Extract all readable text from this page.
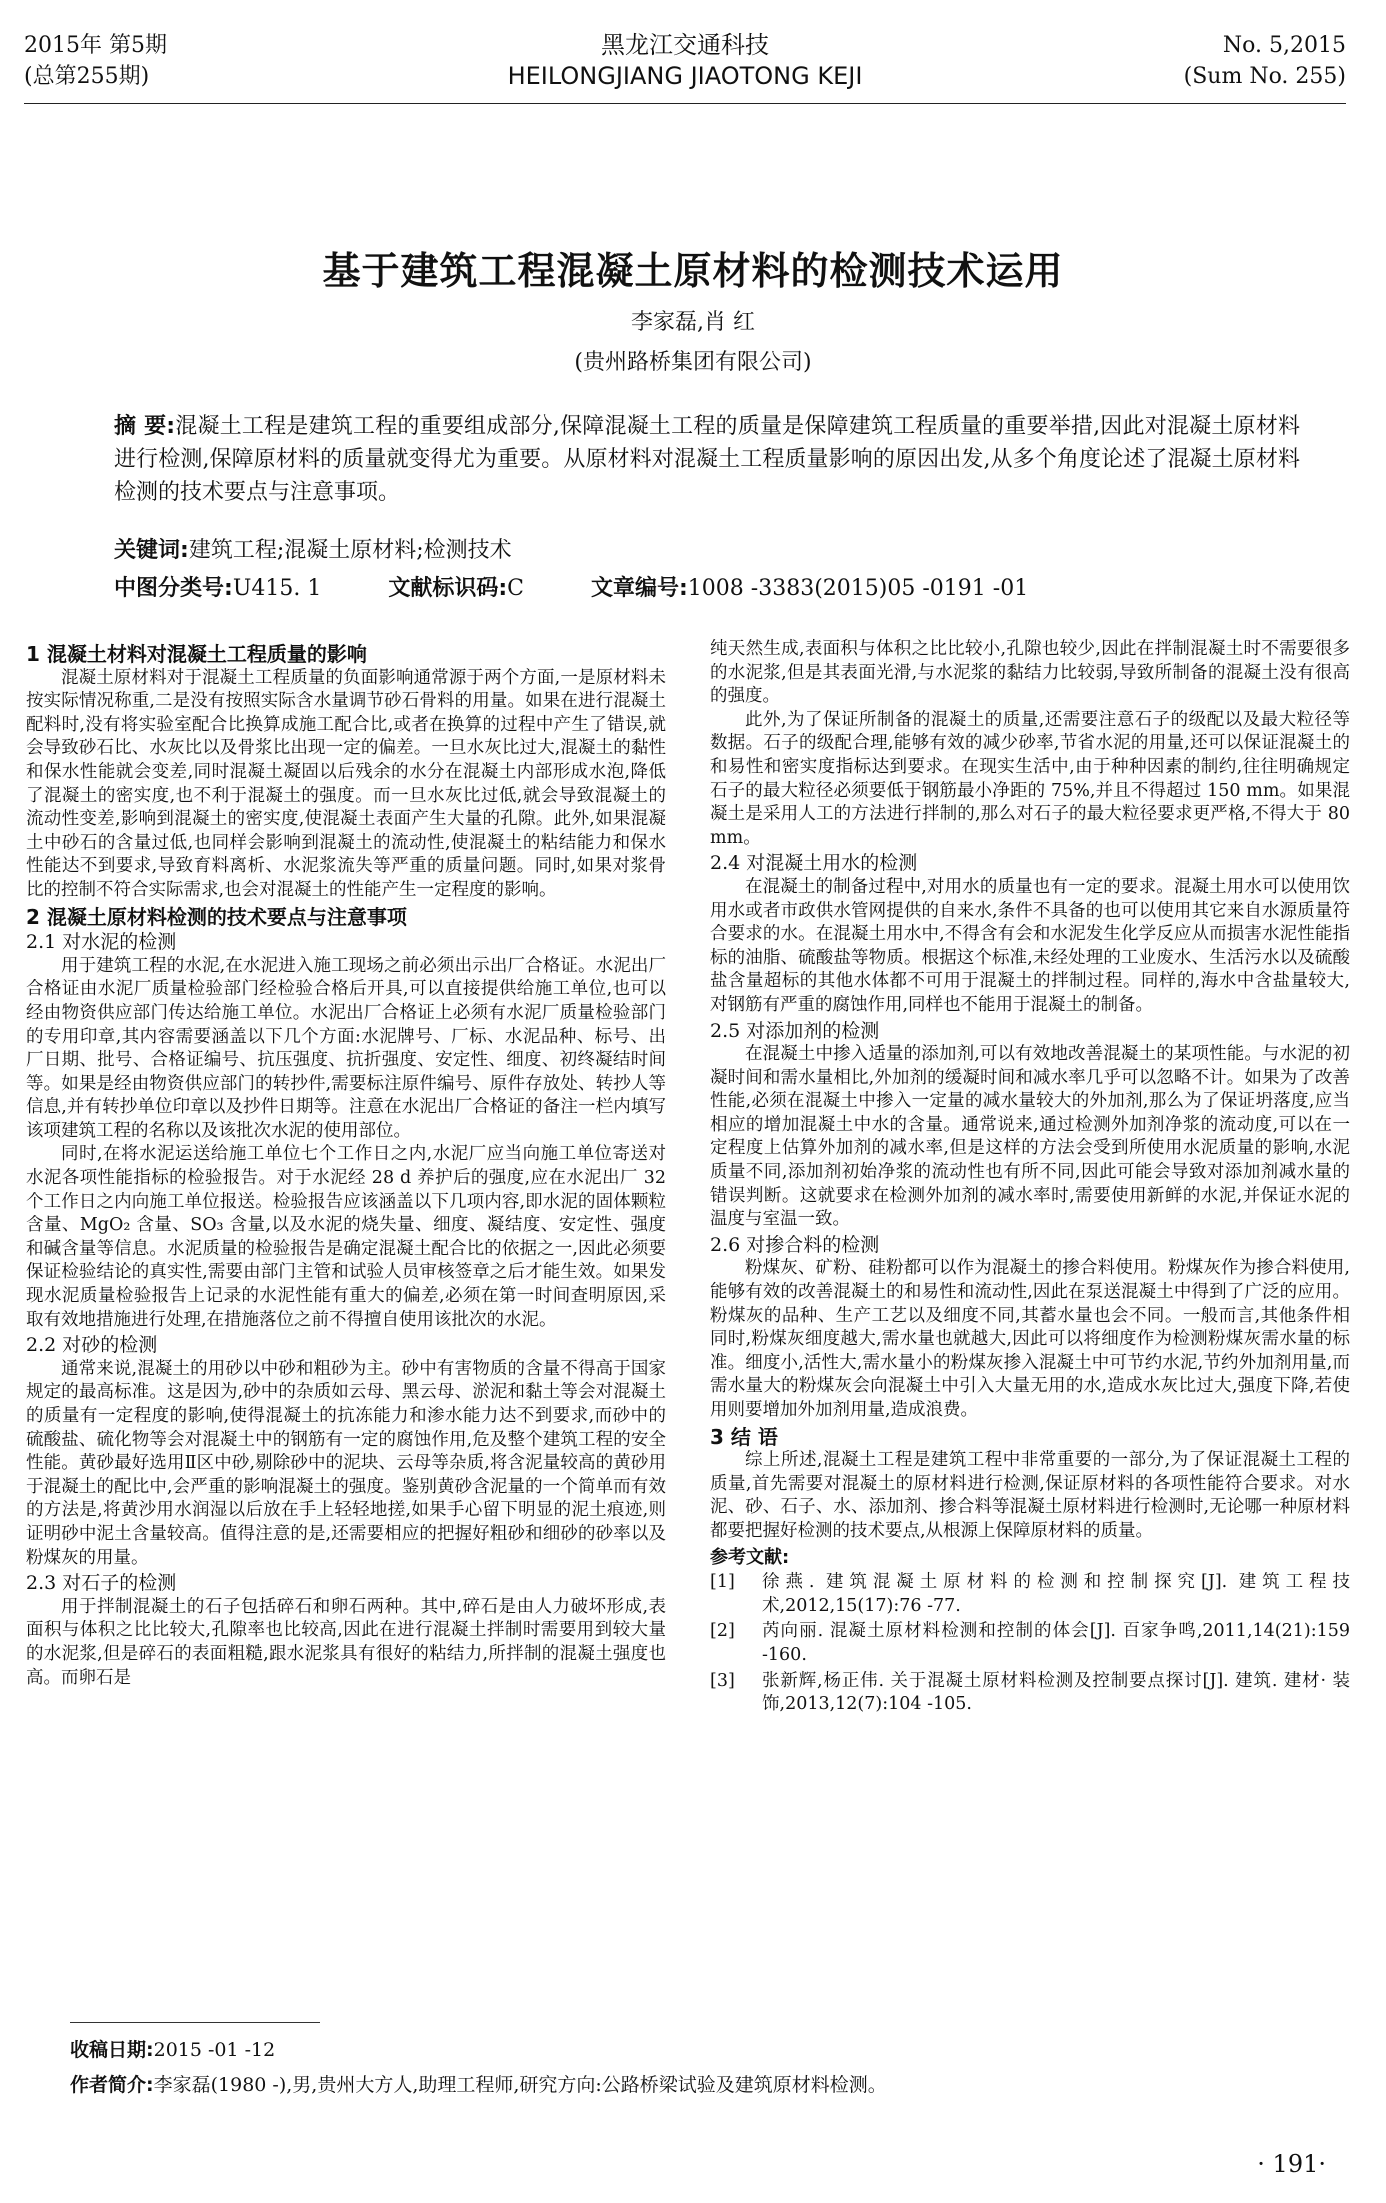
2015年 第5期
(总第255期)
黑龙江交通科技
HEILONGJIANG JIAOTONG KEJI
No. 5,2015
(Sum No. 255)
基于建筑工程混凝土原材料的检测技术运用
李家磊,肖 红
(贵州路桥集团有限公司)
摘 要:混凝土工程是建筑工程的重要组成部分,保障混凝土工程的质量是保障建筑工程质量的重要举措,因此对混凝土原材料进行检测,保障原材料的质量就变得尤为重要。从原材料对混凝土工程质量影响的原因出发,从多个角度论述了混凝土原材料检测的技术要点与注意事项。
关键词:建筑工程;混凝土原材料;检测技术
中图分类号:U415. 1	文献标识码:C	文章编号:1008 -3383(2015)05 -0191 -01
1 混凝土材料对混凝土工程质量的影响

混凝土原材料对于混凝土工程质量的负面影响通常源于两个方面,一是原材料未按实际情况称重,二是没有按照实际含水量调节砂石骨料的用量。如果在进行混凝土配料时,没有将实验室配合比换算成施工配合比,或者在换算的过程中产生了错误,就会导致砂石比、水灰比以及骨浆比出现一定的偏差。一旦水灰比过大,混凝土的黏性和保水性能就会变差,同时混凝土凝固以后残余的水分在混凝土内部形成水泡,降低了混凝土的密实度,也不利于混凝土的强度。而一旦水灰比过低,就会导致混凝土的流动性变差,影响到混凝土的密实度,使混凝土表面产生大量的孔隙。此外,如果混凝土中砂石的含量过低,也同样会影响到混凝土的流动性,使混凝土的粘结能力和保水性能达不到要求,导致育料离析、水泥浆流失等严重的质量问题。同时,如果对浆骨比的控制不符合实际需求,也会对混凝土的性能产生一定程度的影响。

2 混凝土原材料检测的技术要点与注意事项
2.1 对水泥的检测

用于建筑工程的水泥,在水泥进入施工现场之前必须出示出厂合格证。水泥出厂合格证由水泥厂质量检验部门经检验合格后开具,可以直接提供给施工单位,也可以经由物资供应部门传达给施工单位。水泥出厂合格证上必须有水泥厂质量检验部门的专用印章,其内容需要涵盖以下几个方面:水泥牌号、厂标、水泥品种、标号、出厂日期、批号、合格证编号、抗压强度、抗折强度、安定性、细度、初终凝结时间等。如果是经由物资供应部门的转抄件,需要标注原件编号、原件存放处、转抄人等信息,并有转抄单位印章以及抄件日期等。注意在水泥出厂合格证的备注一栏内填写该项建筑工程的名称以及该批次水泥的使用部位。

同时,在将水泥运送给施工单位七个工作日之内,水泥厂应当向施工单位寄送对水泥各项性能指标的检验报告。对于水泥经 28 d 养护后的强度,应在水泥出厂 32 个工作日之内向施工单位报送。检验报告应该涵盖以下几项内容,即水泥的固体颗粒含量、MgO₂ 含量、SO₃ 含量,以及水泥的烧失量、细度、凝结度、安定性、强度和碱含量等信息。水泥质量的检验报告是确定混凝土配合比的依据之一,因此必须要保证检验结论的真实性,需要由部门主管和试验人员审核签章之后才能生效。如果发现水泥质量检验报告上记录的水泥性能有重大的偏差,必须在第一时间查明原因,采取有效地措施进行处理,在措施落位之前不得擅自使用该批次的水泥。

2.2 对砂的检测

通常来说,混凝土的用砂以中砂和粗砂为主。砂中有害物质的含量不得高于国家规定的最高标准。这是因为,砂中的杂质如云母、黑云母、淤泥和黏土等会对混凝土的质量有一定程度的影响,使得混凝土的抗冻能力和渗水能力达不到要求,而砂中的硫酸盐、硫化物等会对混凝土中的钢筋有一定的腐蚀作用,危及整个建筑工程的安全性能。黄砂最好选用Ⅱ区中砂,剔除砂中的泥块、云母等杂质,将含泥量较高的黄砂用于混凝土的配比中,会严重的影响混凝土的强度。鉴别黄砂含泥量的一个简单而有效的方法是,将黄沙用水润湿以后放在手上轻轻地搓,如果手心留下明显的泥土痕迹,则证明砂中泥土含量较高。值得注意的是,还需要相应的把握好粗砂和细砂的砂率以及粉煤灰的用量。

2.3 对石子的检测

用于拌制混凝土的石子包括碎石和卵石两种。其中,碎石是由人力破坏形成,表面积与体积之比比较大,孔隙率也比较高,因此在进行混凝土拌制时需要用到较大量的水泥浆,但是碎石的表面粗糙,跟水泥浆具有很好的粘结力,所拌制的混凝土强度也高。而卵石是

纯天然生成,表面积与体积之比比较小,孔隙也较少,因此在拌制混凝土时不需要很多的水泥浆,但是其表面光滑,与水泥浆的黏结力比较弱,导致所制备的混凝土没有很高的强度。

此外,为了保证所制备的混凝土的质量,还需要注意石子的级配以及最大粒径等数据。石子的级配合理,能够有效的减少砂率,节省水泥的用量,还可以保证混凝土的和易性和密实度指标达到要求。在现实生活中,由于种种因素的制约,往往明确规定石子的最大粒径必须要低于钢筋最小净距的 75%,并且不得超过 150 mm。如果混凝土是采用人工的方法进行拌制的,那么对石子的最大粒径要求更严格,不得大于 80 mm。

2.4 对混凝土用水的检测

在混凝土的制备过程中,对用水的质量也有一定的要求。混凝土用水可以使用饮用水或者市政供水管网提供的自来水,条件不具备的也可以使用其它来自水源质量符合要求的水。在混凝土用水中,不得含有会和水泥发生化学反应从而损害水泥性能指标的油脂、硫酸盐等物质。根据这个标准,未经处理的工业废水、生活污水以及硫酸盐含量超标的其他水体都不可用于混凝土的拌制过程。同样的,海水中含盐量较大,对钢筋有严重的腐蚀作用,同样也不能用于混凝土的制备。

2.5 对添加剂的检测

在混凝土中掺入适量的添加剂,可以有效地改善混凝土的某项性能。与水泥的初凝时间和需水量相比,外加剂的缓凝时间和减水率几乎可以忽略不计。如果为了改善性能,必须在混凝土中掺入一定量的减水量较大的外加剂,那么为了保证坍落度,应当相应的增加混凝土中水的含量。通常说来,通过检测外加剂净浆的流动度,可以在一定程度上估算外加剂的减水率,但是这样的方法会受到所使用水泥质量的影响,水泥质量不同,添加剂初始净浆的流动性也有所不同,因此可能会导致对添加剂减水量的错误判断。这就要求在检测外加剂的减水率时,需要使用新鲜的水泥,并保证水泥的温度与室温一致。

2.6 对掺合料的检测

粉煤灰、矿粉、硅粉都可以作为混凝土的掺合料使用。粉煤灰作为掺合料使用,能够有效的改善混凝土的和易性和流动性,因此在泵送混凝土中得到了广泛的应用。粉煤灰的品种、生产工艺以及细度不同,其蓄水量也会不同。一般而言,其他条件相同时,粉煤灰细度越大,需水量也就越大,因此可以将细度作为检测粉煤灰需水量的标准。细度小,活性大,需水量小的粉煤灰掺入混凝土中可节约水泥,节约外加剂用量,而需水量大的粉煤灰会向混凝土中引入大量无用的水,造成水灰比过大,强度下降,若使用则要增加外加剂用量,造成浪费。

3 结 语

综上所述,混凝土工程是建筑工程中非常重要的一部分,为了保证混凝土工程的质量,首先需要对混凝土的原材料进行检测,保证原材料的各项性能符合要求。对水泥、砂、石子、水、添加剂、掺合料等混凝土原材料进行检测时,无论哪一种原材料都要把握好检测的技术要点,从根源上保障原材料的质量。

参考文献:
[1]	徐燕. 建筑混凝土原材料的检测和控制探究[J]. 建筑工程技术,2012,15(17):76 -77.
[2]	芮向丽. 混凝土原材料检测和控制的体会[J]. 百家争鸣,2011,14(21):159 -160.
[3]	张新辉,杨正伟. 关于混凝土原材料检测及控制要点探讨[J]. 建筑. 建材· 装饰,2013,12(7):104 -105.
收稿日期:2015 -01 -12
作者简介:李家磊(1980 -),男,贵州大方人,助理工程师,研究方向:公路桥梁试验及建筑原材料检测。
· 191·
